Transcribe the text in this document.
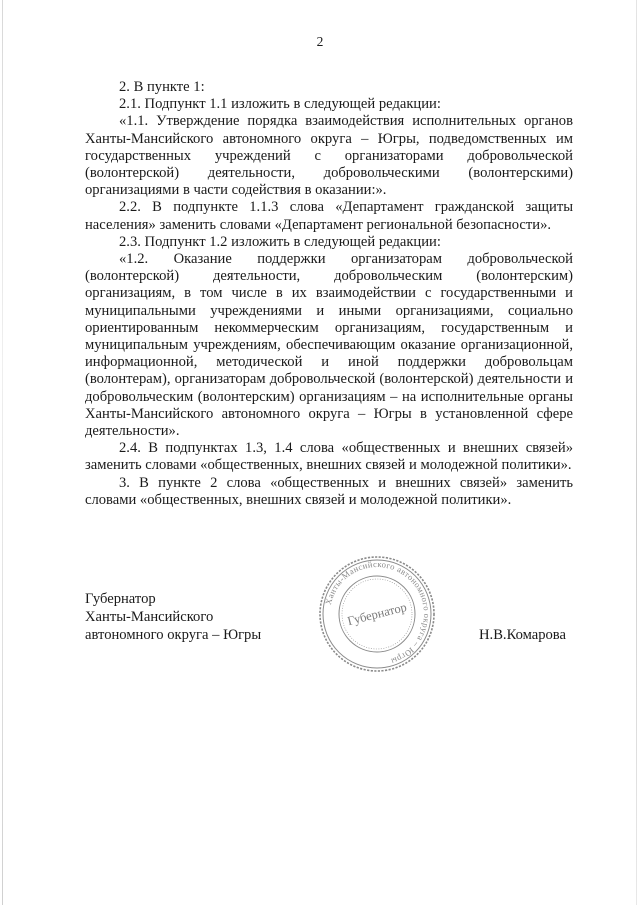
2

2. В пункте 1:

2.1. Подпункт 1.1 изложить в следующей редакции:

«1.1. Утверждение порядка взаимодействия исполнительных органов Ханты-Мансийского автономного округа – Югры, подведомственных им государственных учреждений с организаторами добровольческой (волонтерской) деятельности, добровольческими (волонтерскими) организациями в части содействия в оказании:».

2.2. В подпункте 1.1.3 слова «Департамент гражданской защиты населения» заменить словами «Департамент региональной безопасности».

2.3. Подпункт 1.2 изложить в следующей редакции:

«1.2. Оказание поддержки организаторам добровольческой (волонтерской) деятельности, добровольческим (волонтерским) организациям, в том числе в их взаимодействии с государственными и муниципальными учреждениями и иными организациями, социально ориентированным некоммерческим организациям, государственным и муниципальным учреждениям, обеспечивающим оказание организационной, информационной, методической и иной поддержки добровольцам (волонтерам), организаторам добровольческой (волонтерской) деятельности и добровольческим (волонтерским) организациям – на исполнительные органы Ханты-Мансийского автономного округа – Югры в установленной сфере деятельности».

2.4. В подпунктах 1.3, 1.4 слова «общественных и внешних связей» заменить словами «общественных, внешних связей и молодежной политики».

3. В пункте 2 слова «общественных и внешних связей» заменить словами «общественных, внешних связей и молодежной политики».

Губернатор
Ханты-Мансийского
автономного округа – Югры
Ханты-Мансийского автономного округа – Югры
Губернатор
Н.В.Комарова
